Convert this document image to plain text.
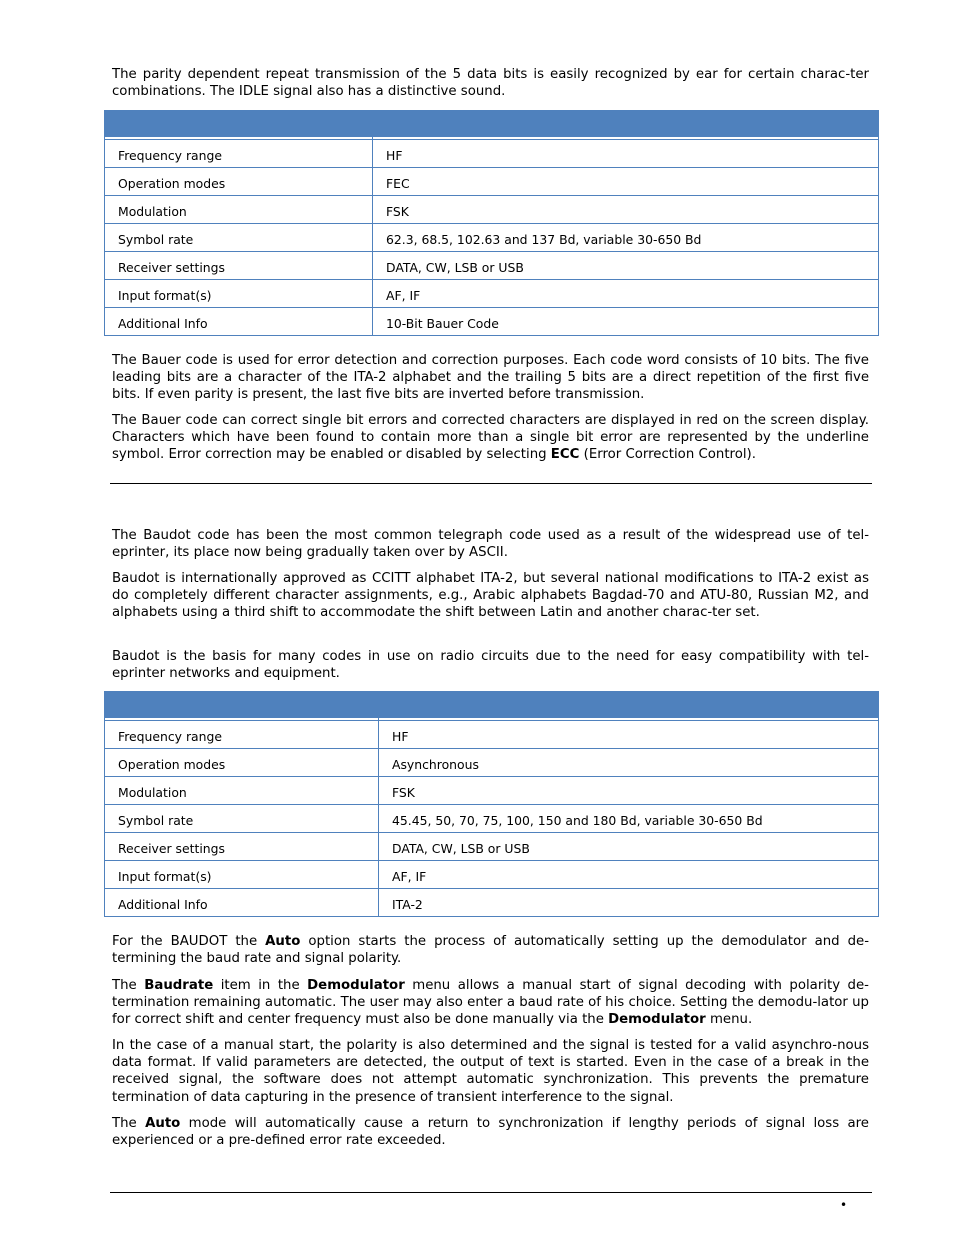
The parity dependent repeat transmission of the 5 data bits is easily recognized by ear for certain charac-ter combinations. The IDLE signal also has a distinctive sound.

Frequency range	HF
Operation modes	FEC
Modulation	FSK
Symbol rate	62.3, 68.5, 102.63 and 137 Bd, variable 30-650 Bd
Receiver settings	DATA, CW, LSB or USB
Input format(s)	AF, IF
Additional Info	10-Bit Bauer Code

The Bauer code is used for error detection and correction purposes. Each code word consists of 10 bits. The five leading bits are a character of the ITA-2 alphabet and the trailing 5 bits are a direct repetition of the first five bits. If even parity is present, the last five bits are inverted before transmission.

The Bauer code can correct single bit errors and corrected characters are displayed in red on the screen display. Characters which have been found to contain more than a single bit error are represented by the underline symbol. Error correction may be enabled or disabled by selecting ECC (Error Correction Control).

The Baudot code has been the most common telegraph code used as a result of the widespread use of tel-eprinter, its place now being gradually taken over by ASCII.

Baudot is internationally approved as CCITT alphabet ITA-2, but several national modifications to ITA-2 exist as do completely different character assignments, e.g., Arabic alphabets Bagdad-70 and ATU-80, Russian M2, and alphabets using a third shift to accommodate the shift between Latin and another charac-ter set.

Baudot is the basis for many codes in use on radio circuits due to the need for easy compatibility with tel-eprinter networks and equipment.

Frequency range	HF
Operation modes	Asynchronous
Modulation	FSK
Symbol rate	45.45, 50, 70, 75, 100, 150 and 180 Bd, variable 30-650 Bd
Receiver settings	DATA, CW, LSB or USB
Input format(s)	AF, IF
Additional Info	ITA-2

For the BAUDOT the Auto option starts the process of automatically setting up the demodulator and de-termining the baud rate and signal polarity.

The Baudrate item in the Demodulator menu allows a manual start of signal decoding with polarity de-termination remaining automatic. The user may also enter a baud rate of his choice. Setting the demodu-lator up for correct shift and center frequency must also be done manually via the Demodulator menu.

In the case of a manual start, the polarity is also determined and the signal is tested for a valid asynchro-nous data format. If valid parameters are detected, the output of text is started. Even in the case of a break in the received signal, the software does not attempt automatic synchronization. This prevents the premature termination of data capturing in the presence of transient interference to the signal.

The Auto mode will automatically cause a return to synchronization if lengthy periods of signal loss are experienced or a pre-defined error rate exceeded.

•
